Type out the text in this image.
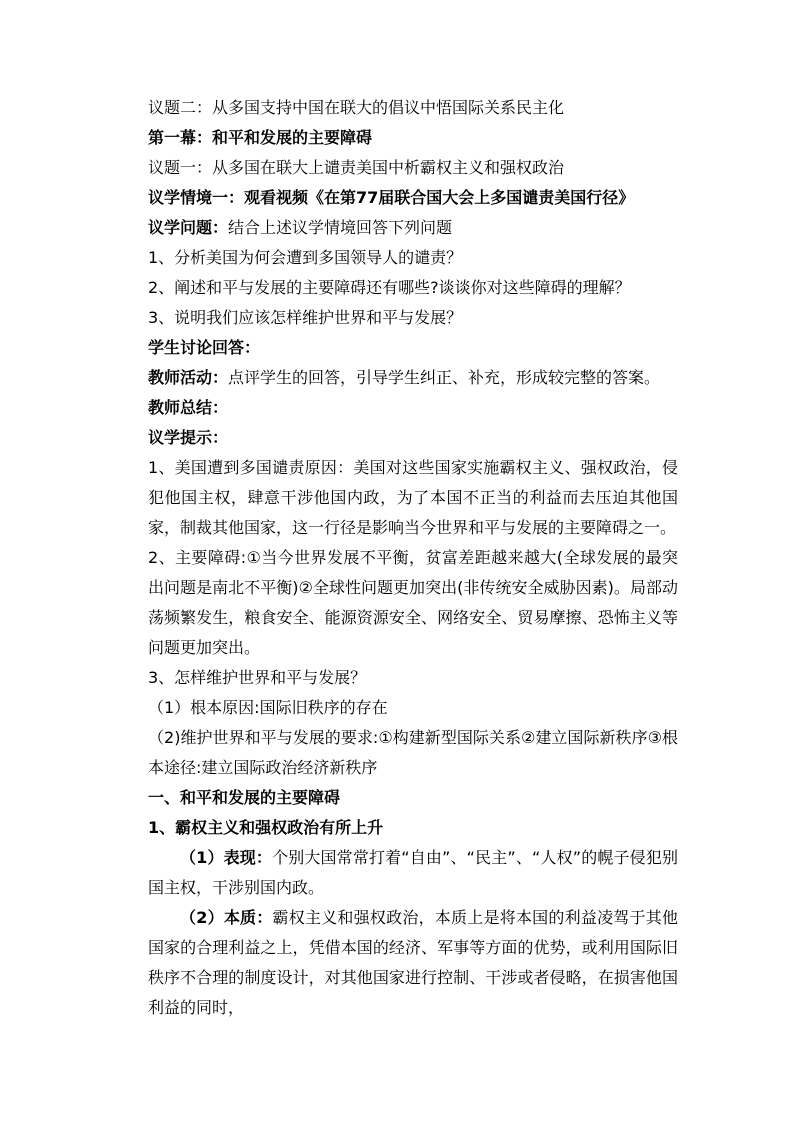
议题二：从多国支持中国在联大的倡议中悟国际关系民主化
第一幕：和平和发展的主要障碍
议题一：从多国在联大上谴责美国中析霸权主义和强权政治
议学情境一：观看视频《在第77届联合国大会上多国谴责美国行径》
议学问题：结合上述议学情境回答下列问题
1、分析美国为何会遭到多国领导人的谴责？
2、阐述和平与发展的主要障碍还有哪些?谈谈你对这些障碍的理解？
3、说明我们应该怎样维护世界和平与发展？
学生讨论回答：
教师活动：点评学生的回答，引导学生纠正、补充，形成较完整的答案。
教师总结：
议学提示：
1、美国遭到多国谴责原因：美国对这些国家实施霸权主义、强权政治，侵犯他国主权，肆意干涉他国内政，为了本国不正当的利益而去压迫其他国家，制裁其他国家，这一行径是影响当今世界和平与发展的主要障碍之一。
2、主要障碍:①当今世界发展不平衡，贫富差距越来越大(全球发展的最突出问题是南北不平衡)②全球性问题更加突出(非传统安全威胁因素)。局部动荡频繁发生，粮食安全、能源资源安全、网络安全、贸易摩擦、恐怖主义等问题更加突出。
3、怎样维护世界和平与发展？
（1）根本原因:国际旧秩序的存在
（2)维护世界和平与发展的要求:①构建新型国际关系②建立国际新秩序③根本途径:建立国际政治经济新秩序
一、和平和发展的主要障碍
1、霸权主义和强权政治有所上升
（1）表现：个别大国常常打着“自由”、“民主”、“人权”的幌子侵犯别国主权，干涉别国内政。
（2）本质：霸权主义和强权政治，本质上是将本国的利益凌驾于其他国家的合理利益之上，凭借本国的经济、军事等方面的优势，或利用国际旧秩序不合理的制度设计，对其他国家进行控制、干涉或者侵略，在损害他国利益的同时，
